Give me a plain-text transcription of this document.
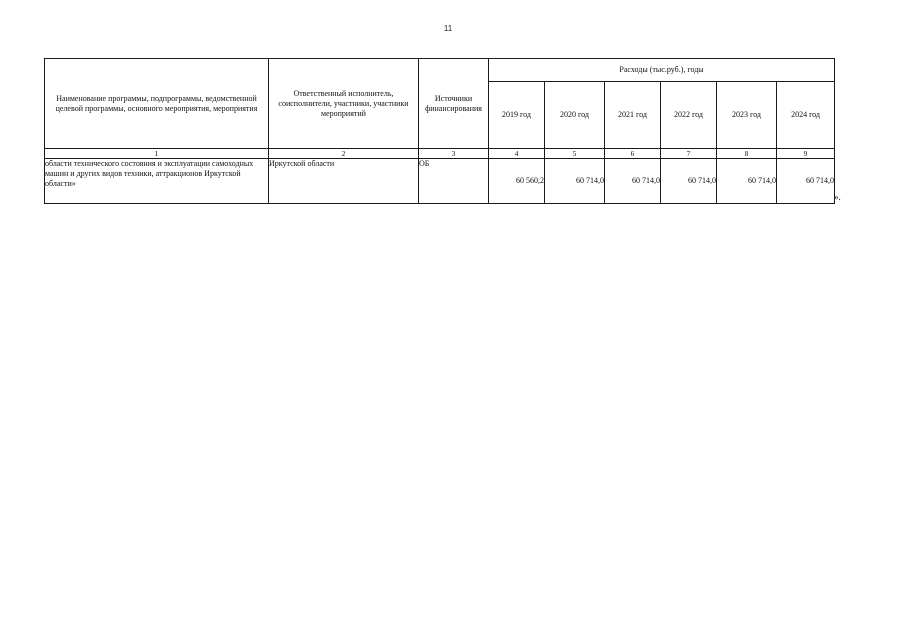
11
Наименование программы, подпрограммы, ведомственной целевой программы, основного мероприятия, мероприятия	Ответственный исполнитель, соисполнители, участники, участники мероприятий	Источники финансирования	Расходы (тыс.руб.), годы					
			2019 год	2020 год	2021 год	2022 год	2023 год	2024 год
1	2	3	4	5	6	7	8	9
области технического состояния и эксплуатации самоходных машин и других видов техники, аттракционов Иркутской области»	Иркутской области	ОБ	60 560,2	60 714,0	60 714,0	60 714,0	60 714,0	60 714,0
».
